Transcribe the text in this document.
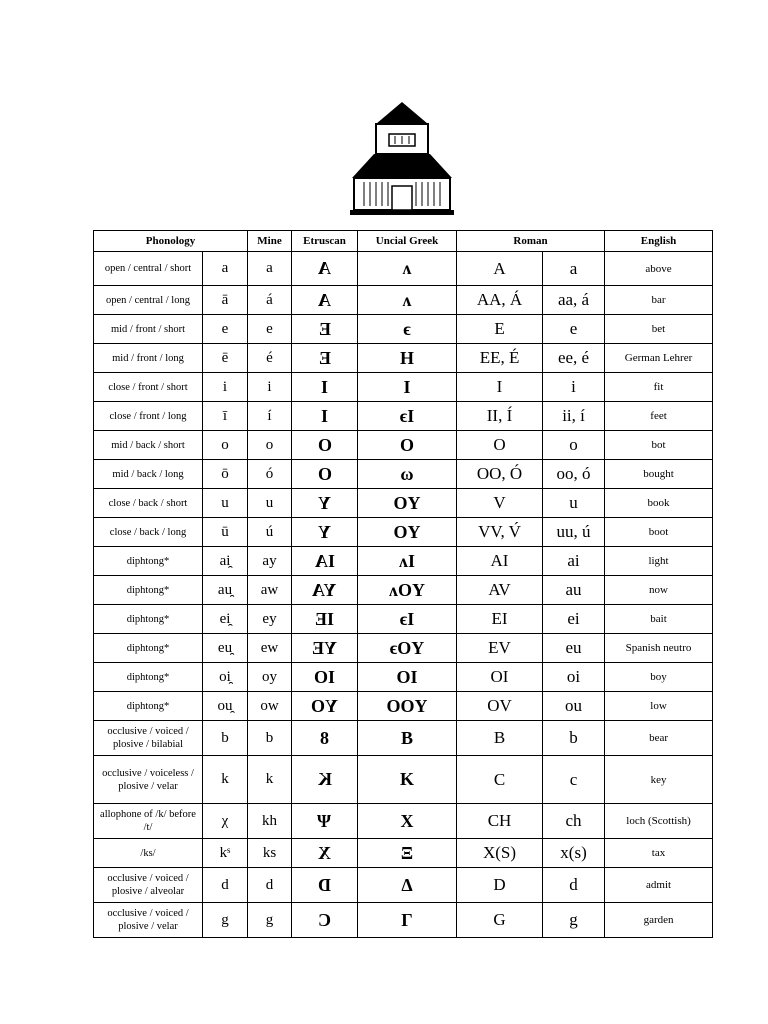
Phonology		Mine	Etruscan	Uncial Greek	Roman		English
open / central / short	a	a	A	ʌ	A	a	above
open / central / long	ā	á	A	ʌ	AA, Á	aa, á	bar
mid / front / short	e	e	E	ϵ	E	e	bet
mid / front / long	ē	é	E	H	EE, É	ee, é	German Lehrer
close / front / short	i	i	I	I	I	i	fit
close / front / long	ī	í	I	ϵI	II, Í	ii, í	feet
mid / back / short	o	o	O	O	O	o	bot
mid / back / long	ō	ó	O	ω	OO, Ó	oo, ó	bought
close / back / short	u	u	Y	OY	V	u	book
close / back / long	ū	ú	Y	OY	VV, V́	uu, ú	boot
diphtong*	ai̯	ay	IA	ʌI	AI	ai	light
diphtong*	au̯	aw	YA	ʌOY	AV	au	now
diphtong*	ei̯	ey	IE	ϵI	EI	ei	bait
diphtong*	eu̯	ew	YE	ϵOY	EV	eu	Spanish neutro
diphtong*	oi̯	oy	IO	OI	OI	oi	boy
diphtong*	ou̯	ow	YO	OOY	OV	ou	low
occlusive / voiced / plosive / bilabial	b	b	8	B	B	b	bear
occlusive / voiceless / plosive / velar	k	k	K	K	C	c	key
allophone of /k/ before /t/	χ	kh	Ψ	X	CH	ch	loch (Scottish)
/ks/	kˢ	ks	X	Ξ	X(S)	x(s)	tax
occlusive / voiced / plosive / alveolar	d	d	D	Δ	D	d	admit
occlusive / voiced / plosive / velar	g	g	C	Γ	G	g	garden
